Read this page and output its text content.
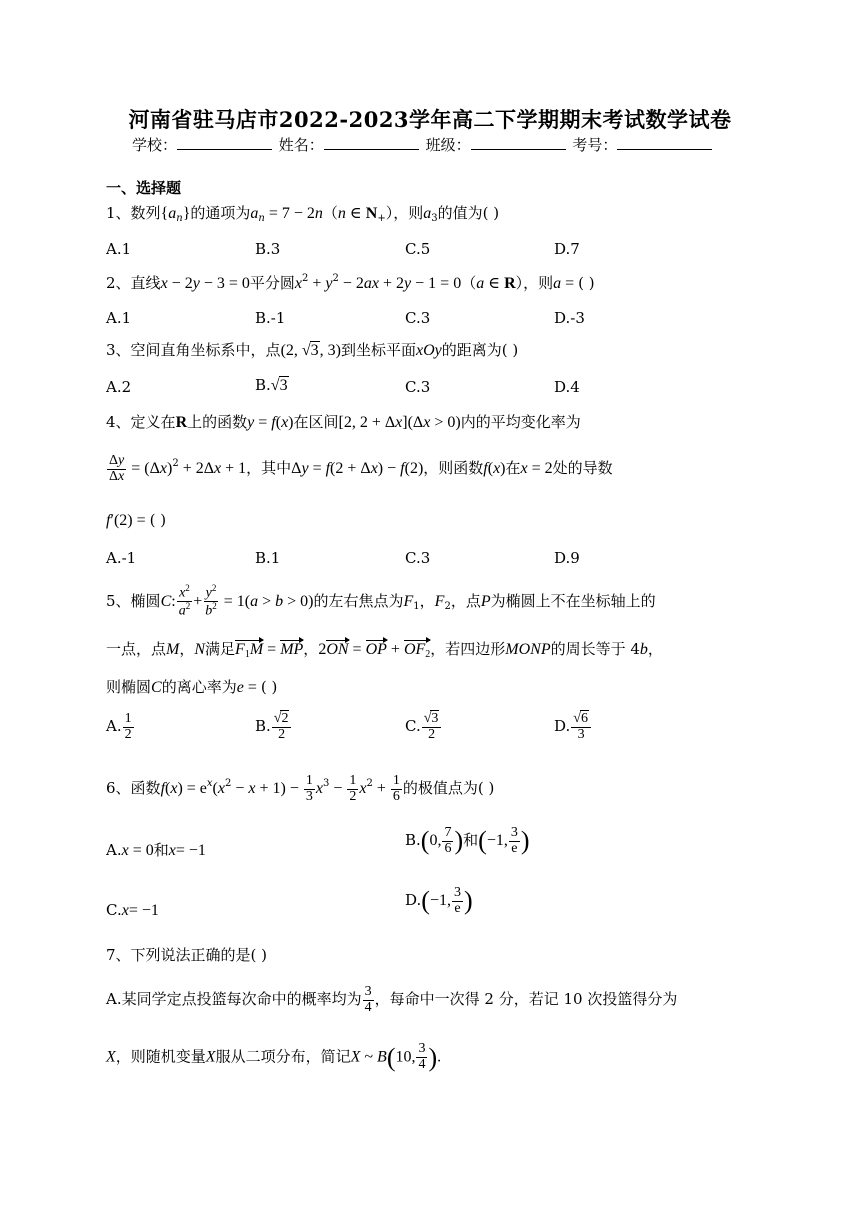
河南省驻马店市2022-2023学年高二下学期期末考试数学试卷
学校：	姓名：	班级：	考号：
一、选择题
1、数列$\{a_n\}$的通项为$a_n = 7 - 2n(n$ ∈ $N_+$），则$a_3$的值为( )
A.1	B.3	C.5	D.7
2、直线x − 2y − 3 = 0平分圆$x^2 + y^2 - 2ax + 2y - 1 = 0(a$ ∈ R），则a = ( )
A.1	B.-1	C.3	D.-3
3、空间直角坐标系中，点(2, √3, 3)到坐标平面xOy的距离为( )
A.2	B.√3	C.3	D.4
4、定义在R上的函数y = f(x)在区间[2, 2 + Δx](Δx > 0)内的平均变化率为
$\frac{\Delta y}{\Delta x} = (\Delta x)^2 + 2\Delta x + 1$，其中Δy = f(2 + Δx) − f(2)，则函数f(x)在x = 2处的导数
f′(2) = ( )
A.-1	B.1	C.3	D.9
5、椭圆C: $\frac{x^2}{a^2} + \frac{y^2}{b^2} = 1(a > b > 0)$的左右焦点为$F_1$，$F_2$，点P为椭圆上不在坐标轴上的
一点，点M，N满足$F_1M$ = MP，2ON = OP + $OF_2$，若四边形MONP的周长等于 4b，
则椭圆C的离心率为e = ( )
A. $\frac{1}{2}$	B. $\frac{√2}{2}$	C. $\frac{√3}{2}$	D. $\frac{√6}{3}$
6、函数$f(x) = e^x(x^2 - x + 1) - \frac{1}{3} x^3 - \frac{1}{2} x^2 + \frac{1}{6}$ 的极值点为( )
A.x = 0和x= −1
B.(0, $\frac{7}{6}$ )和(−1, $\frac{3}{e}$ )
C.x= −1
D.(−1, $\frac{3}{e}$ )
7、下列说法正确的是( )
A.某同学定点投篮每次命中的概率均为 $\frac{3}{4}$ ，每命中一次得 2 分，若记 10 次投篮得分为
X，则随机变量X服从二项分布，简记X ~ B(10, $\frac{3}{4}$ ).
